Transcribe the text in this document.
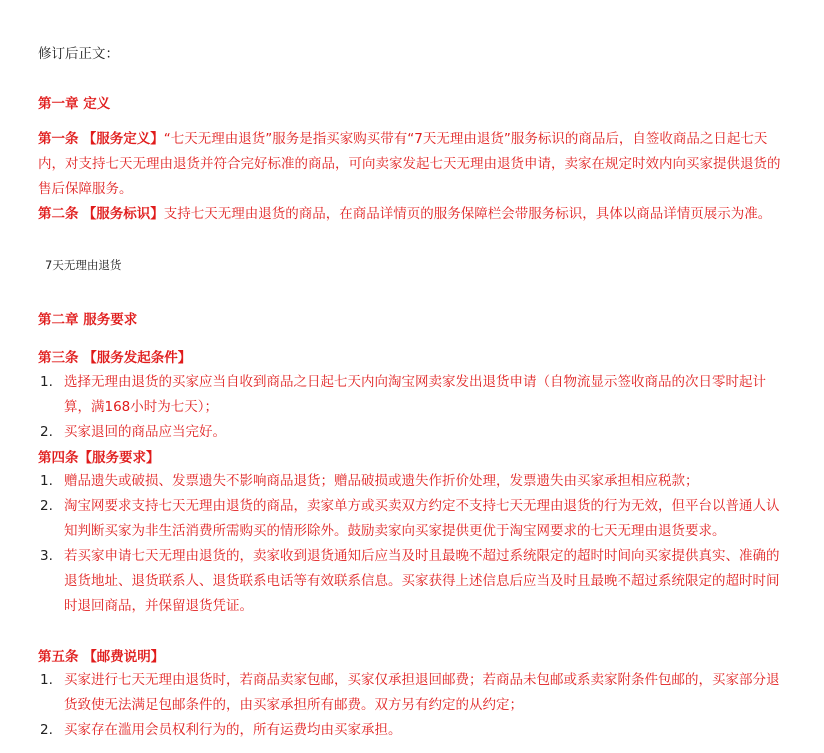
修订后正文：

第一章 定义

第一条 【服务定义】“七天无理由退货”服务是指买家购买带有“7天无理由退货”服务标识的商品后，自签收商品之日起七天内，对支持七天无理由退货并符合完好标准的商品，可向卖家发起七天无理由退货申请，卖家在规定时效内向买家提供退货的售后保障服务。

第二条 【服务标识】支持七天无理由退货的商品，在商品详情页的服务保障栏会带服务标识，具体以商品详情页展示为准。

7天无理由退货

第二章 服务要求

第三条 【服务发起条件】

1. 选择无理由退货的买家应当自收到商品之日起七天内向淘宝网卖家发出退货申请（自物流显示签收商品的次日零时起计算，满168小时为七天）；
2. 买家退回的商品应当完好。

第四条【服务要求】

1. 赠品遗失或破损、发票遗失不影响商品退货；赠品破损或遗失作折价处理，发票遗失由买家承担相应税款；
2. 淘宝网要求支持七天无理由退货的商品，卖家单方或买卖双方约定不支持七天无理由退货的行为无效，但平台以普通人认知判断买家为非生活消费所需购买的情形除外。鼓励卖家向买家提供更优于淘宝网要求的七天无理由退货要求。
3. 若买家申请七天无理由退货的，卖家收到退货通知后应当及时且最晚不超过系统限定的超时时间向买家提供真实、准确的退货地址、退货联系人、退货联系电话等有效联系信息。买家获得上述信息后应当及时且最晚不超过系统限定的超时时间时退回商品，并保留退货凭证。

第五条 【邮费说明】

1. 买家进行七天无理由退货时，若商品卖家包邮，买家仅承担退回邮费；若商品未包邮或系卖家附条件包邮的，买家部分退货致使无法满足包邮条件的，由买家承担所有邮费。双方另有约定的从约定；
2. 买家存在滥用会员权利行为的，所有运费均由买家承担。
